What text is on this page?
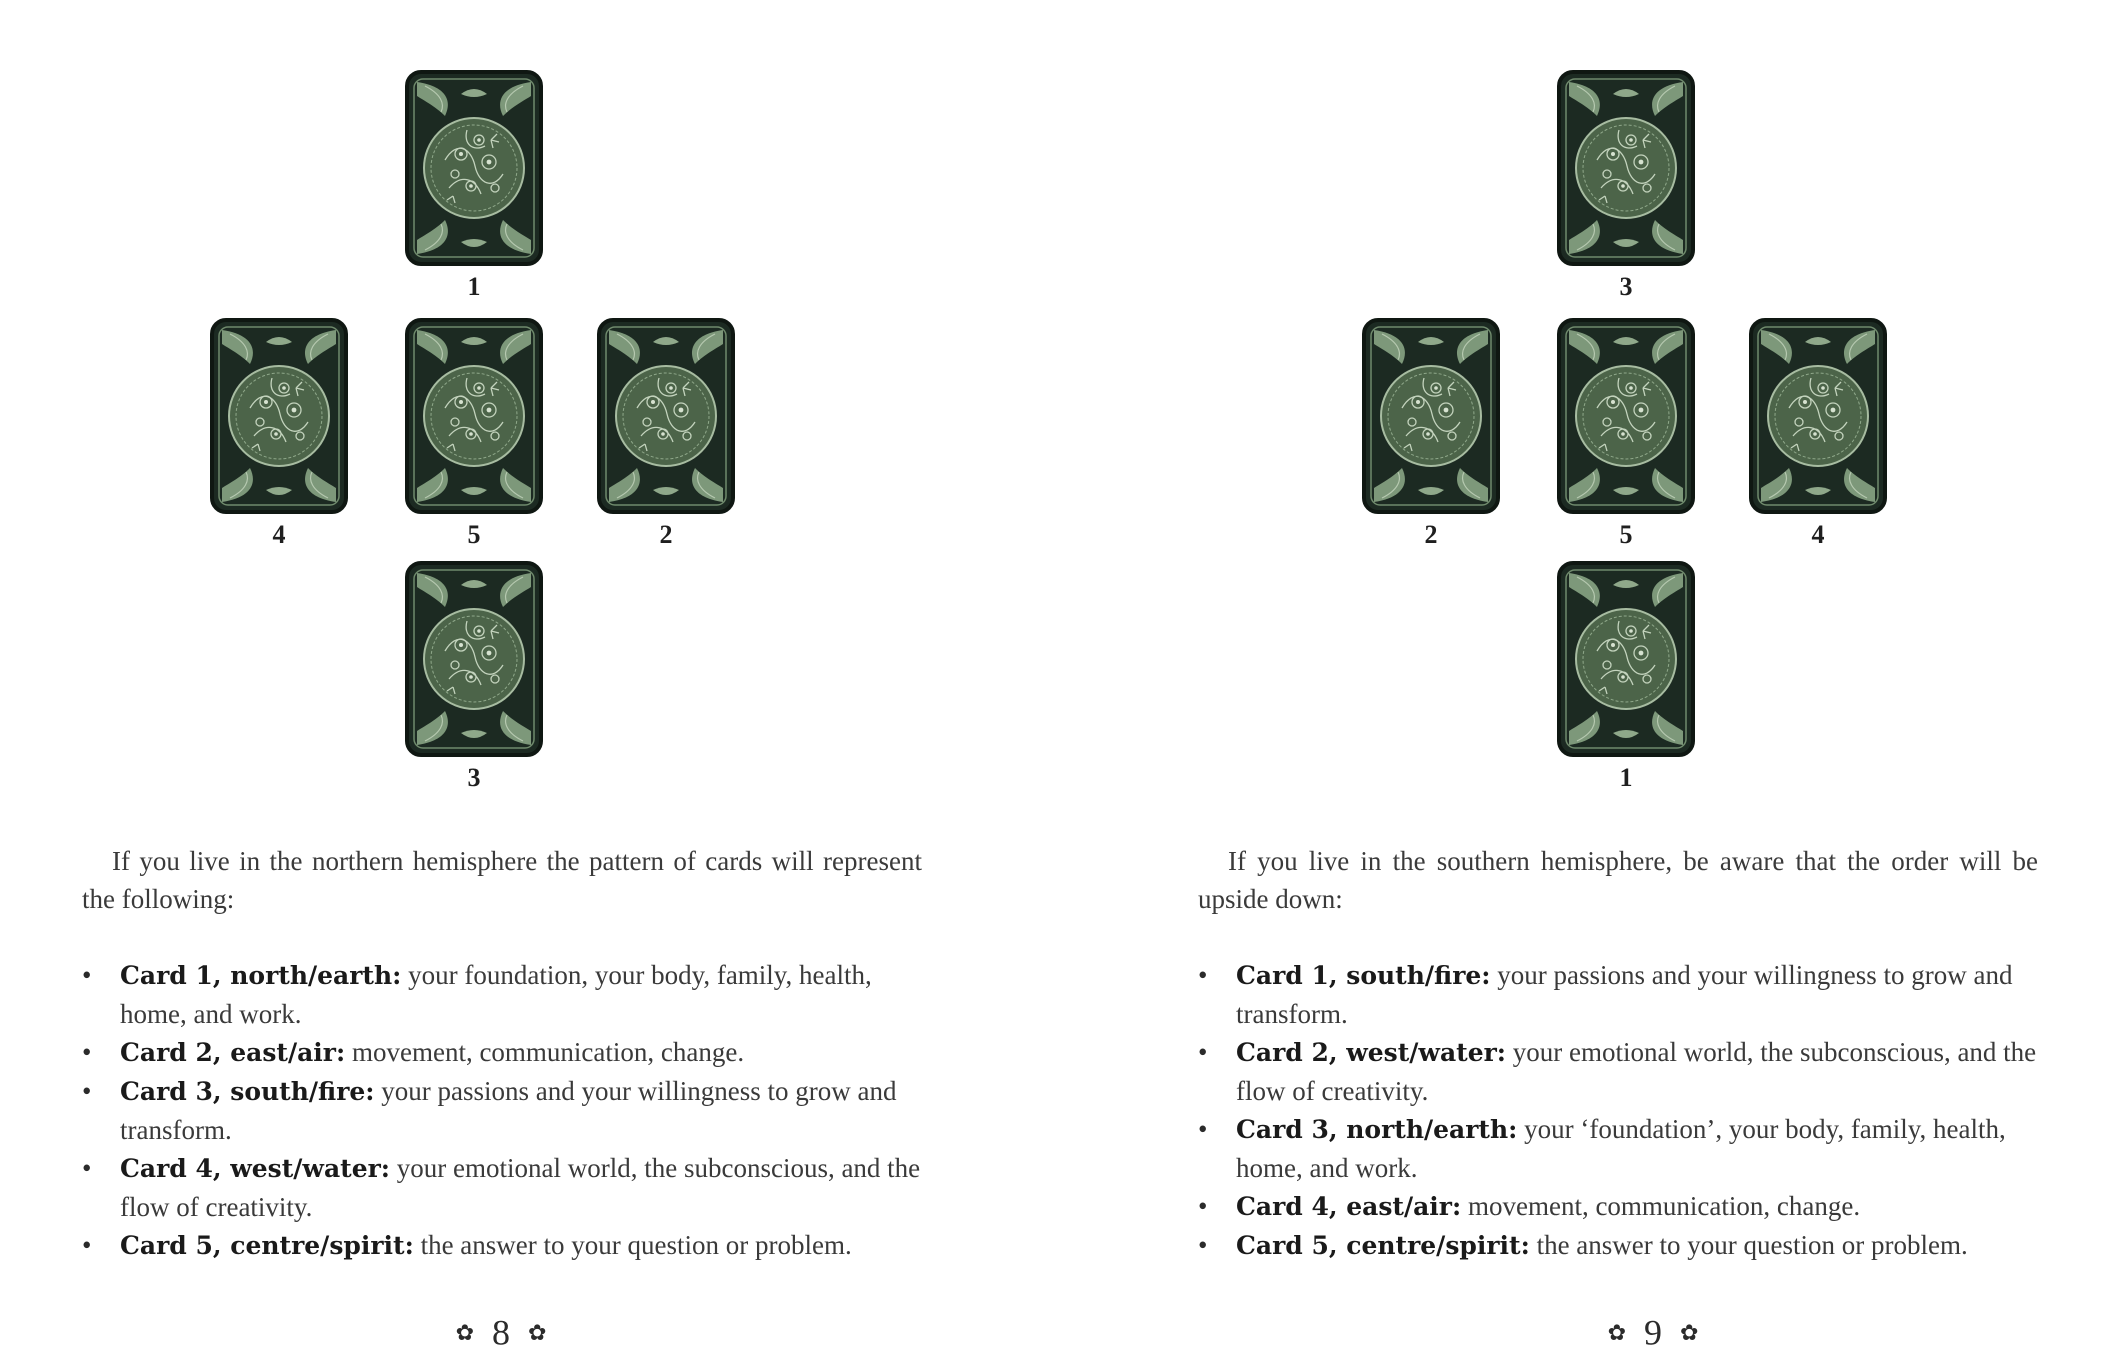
1
4	5	2
3

If you live in the northern hemisphere the pattern of cards will represent the following:

• Card 1, north/earth: your foundation, your body, family, health, home, and work.
• Card 2, east/air: movement, communication, change.
• Card 3, south/fire: your passions and your willingness to grow and transform.
• Card 4, west/water: your emotional world, the subconscious, and the flow of creativity.
• Card 5, centre/spirit: the answer to your question or problem.
✿ 8 ✿
3
2	5	4
1

If you live in the southern hemisphere, be aware that the order will be upside down:

• Card 1, south/fire: your passions and your willingness to grow and transform.
• Card 2, west/water: your emotional world, the subconscious, and the flow of creativity.
• Card 3, north/earth: your ‘foundation’, your body, family, health, home, and work.
• Card 4, east/air: movement, communication, change.
• Card 5, centre/spirit: the answer to your question or problem.
✿ 9 ✿
